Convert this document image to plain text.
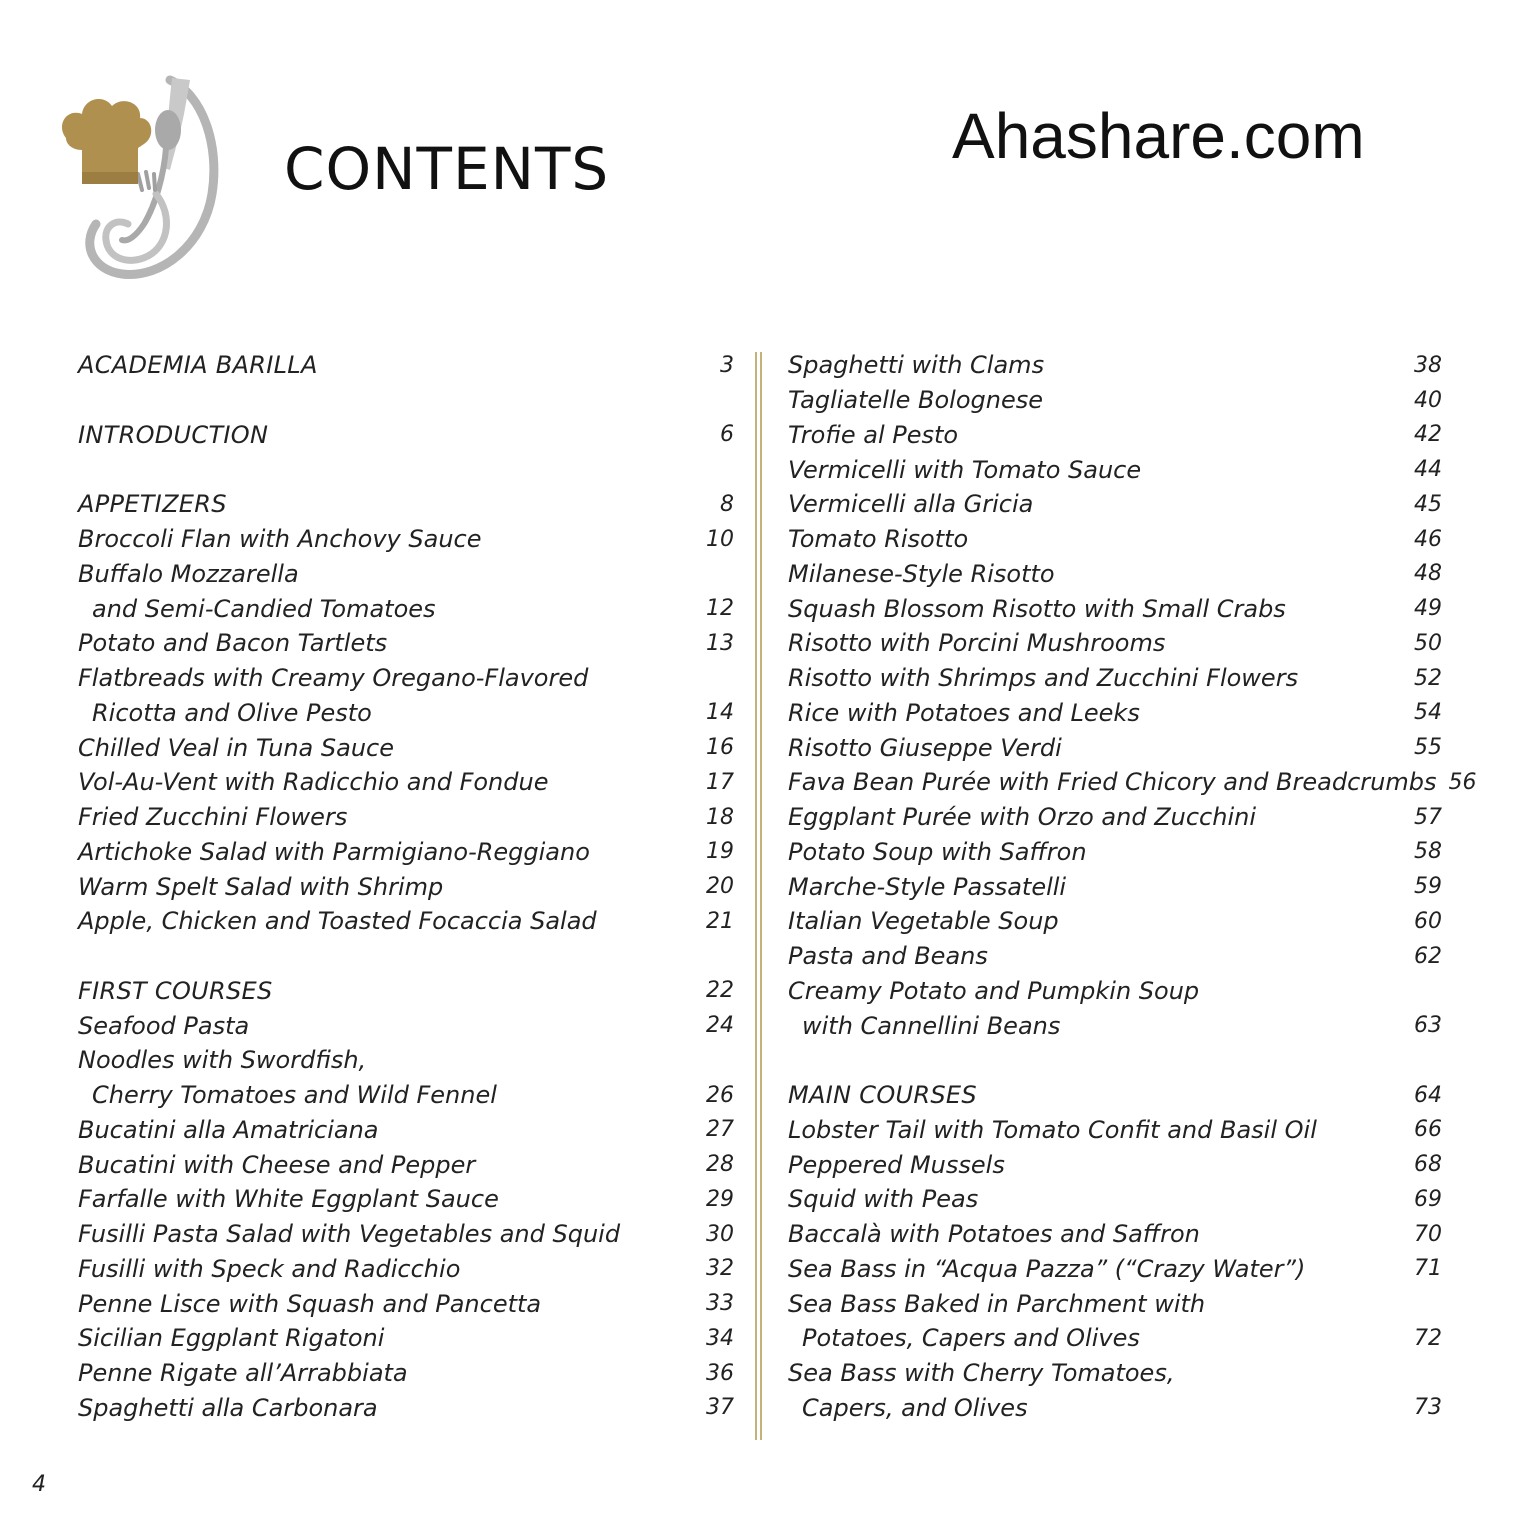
CONTENTS	Ahashare.com
ACADEMIA BARILLA	3
INTRODUCTION	6
APPETIZERS	8
Broccoli Flan with Anchovy Sauce	10
Buffalo Mozzarella
and Semi-Candied Tomatoes	12
Potato and Bacon Tartlets	13
Flatbreads with Creamy Oregano-Flavored
Ricotta and Olive Pesto	14
Chilled Veal in Tuna Sauce	16
Vol-Au-Vent with Radicchio and Fondue	17
Fried Zucchini Flowers	18
Artichoke Salad with Parmigiano-Reggiano	19
Warm Spelt Salad with Shrimp	20
Apple, Chicken and Toasted Focaccia Salad	21
FIRST COURSES	22
Seafood Pasta	24
Noodles with Swordfish,
Cherry Tomatoes and Wild Fennel	26
Bucatini alla Amatriciana	27
Bucatini with Cheese and Pepper	28
Farfalle with White Eggplant Sauce	29
Fusilli Pasta Salad with Vegetables and Squid	30
Fusilli with Speck and Radicchio	32
Penne Lisce with Squash and Pancetta	33
Sicilian Eggplant Rigatoni	34
Penne Rigate all’Arrabbiata	36
Spaghetti alla Carbonara	37
Spaghetti with Clams	38
Tagliatelle Bolognese	40
Trofie al Pesto	42
Vermicelli with Tomato Sauce	44
Vermicelli alla Gricia	45
Tomato Risotto	46
Milanese-Style Risotto	48
Squash Blossom Risotto with Small Crabs	49
Risotto with Porcini Mushrooms	50
Risotto with Shrimps and Zucchini Flowers	52
Rice with Potatoes and Leeks	54
Risotto Giuseppe Verdi	55
Fava Bean Purée with Fried Chicory and Breadcrumbs 56
Eggplant Purée with Orzo and Zucchini	57
Potato Soup with Saffron	58
Marche-Style Passatelli	59
Italian Vegetable Soup	60
Pasta and Beans	62
Creamy Potato and Pumpkin Soup
with Cannellini Beans	63
MAIN COURSES	64
Lobster Tail with Tomato Confit and Basil Oil	66
Peppered Mussels	68
Squid with Peas	69
Baccalà with Potatoes and Saffron	70
Sea Bass in “Acqua Pazza” (“Crazy Water”)	71
Sea Bass Baked in Parchment with
Potatoes, Capers and Olives	72
Sea Bass with Cherry Tomatoes,
Capers, and Olives	73
4
